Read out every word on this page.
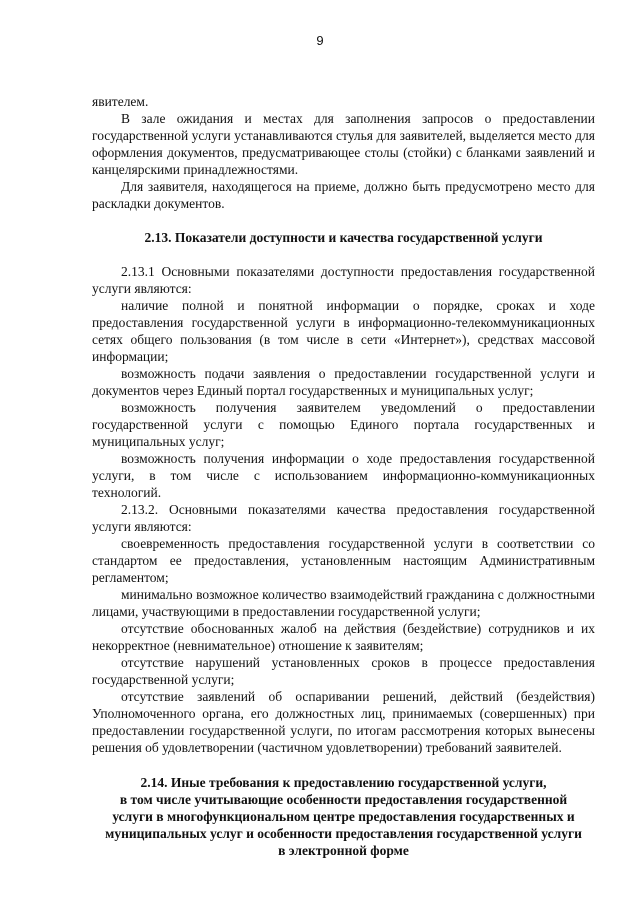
9

явителем.

В зале ожидания и местах для заполнения запросов о предоставлении государственной услуги устанавливаются стулья для заявителей, выделяется место для оформления документов, предусматривающее столы (стойки) с бланками заявлений и канцелярскими принадлежностями.

Для заявителя, находящегося на приеме, должно быть предусмотрено место для раскладки документов.

2.13. Показатели доступности и качества государственной услуги

2.13.1 Основными показателями доступности предоставления государственной услуги являются:

наличие полной и понятной информации о порядке, сроках и ходе предоставления государственной услуги в информационно-телекоммуникационных сетях общего пользования (в том числе в сети «Интернет»), средствах массовой информации;

возможность подачи заявления о предоставлении государственной услуги и документов через Единый портал государственных и муниципальных услуг;

возможность получения заявителем уведомлений о предоставлении государственной услуги с помощью Единого портала государственных и муниципальных услуг;

возможность получения информации о ходе предоставления государственной услуги, в том числе с использованием информационно-коммуникационных технологий.

2.13.2. Основными показателями качества предоставления государственной услуги являются:

своевременность предоставления государственной услуги в соответствии со стандартом ее предоставления, установленным настоящим Административным регламентом;

минимально возможное количество взаимодействий гражданина с должностными лицами, участвующими в предоставлении государственной услуги;

отсутствие обоснованных жалоб на действия (бездействие) сотрудников и их некорректное (невнимательное) отношение к заявителям;

отсутствие нарушений установленных сроков в процессе предоставления государственной услуги;

отсутствие заявлений об оспаривании решений, действий (бездействия) Уполномоченного органа, его должностных лиц, принимаемых (совершенных) при предоставлении государственной услуги, по итогам рассмотрения которых вынесены решения об удовлетворении (частичном удовлетворении) требований заявителей.

2.14. Иные требования к предоставлению государственной услуги,
в том числе учитывающие особенности предоставления государственной
услуги в многофункциональном центре предоставления государственных и
муниципальных услуг и особенности предоставления государственной услуги
в электронной форме
